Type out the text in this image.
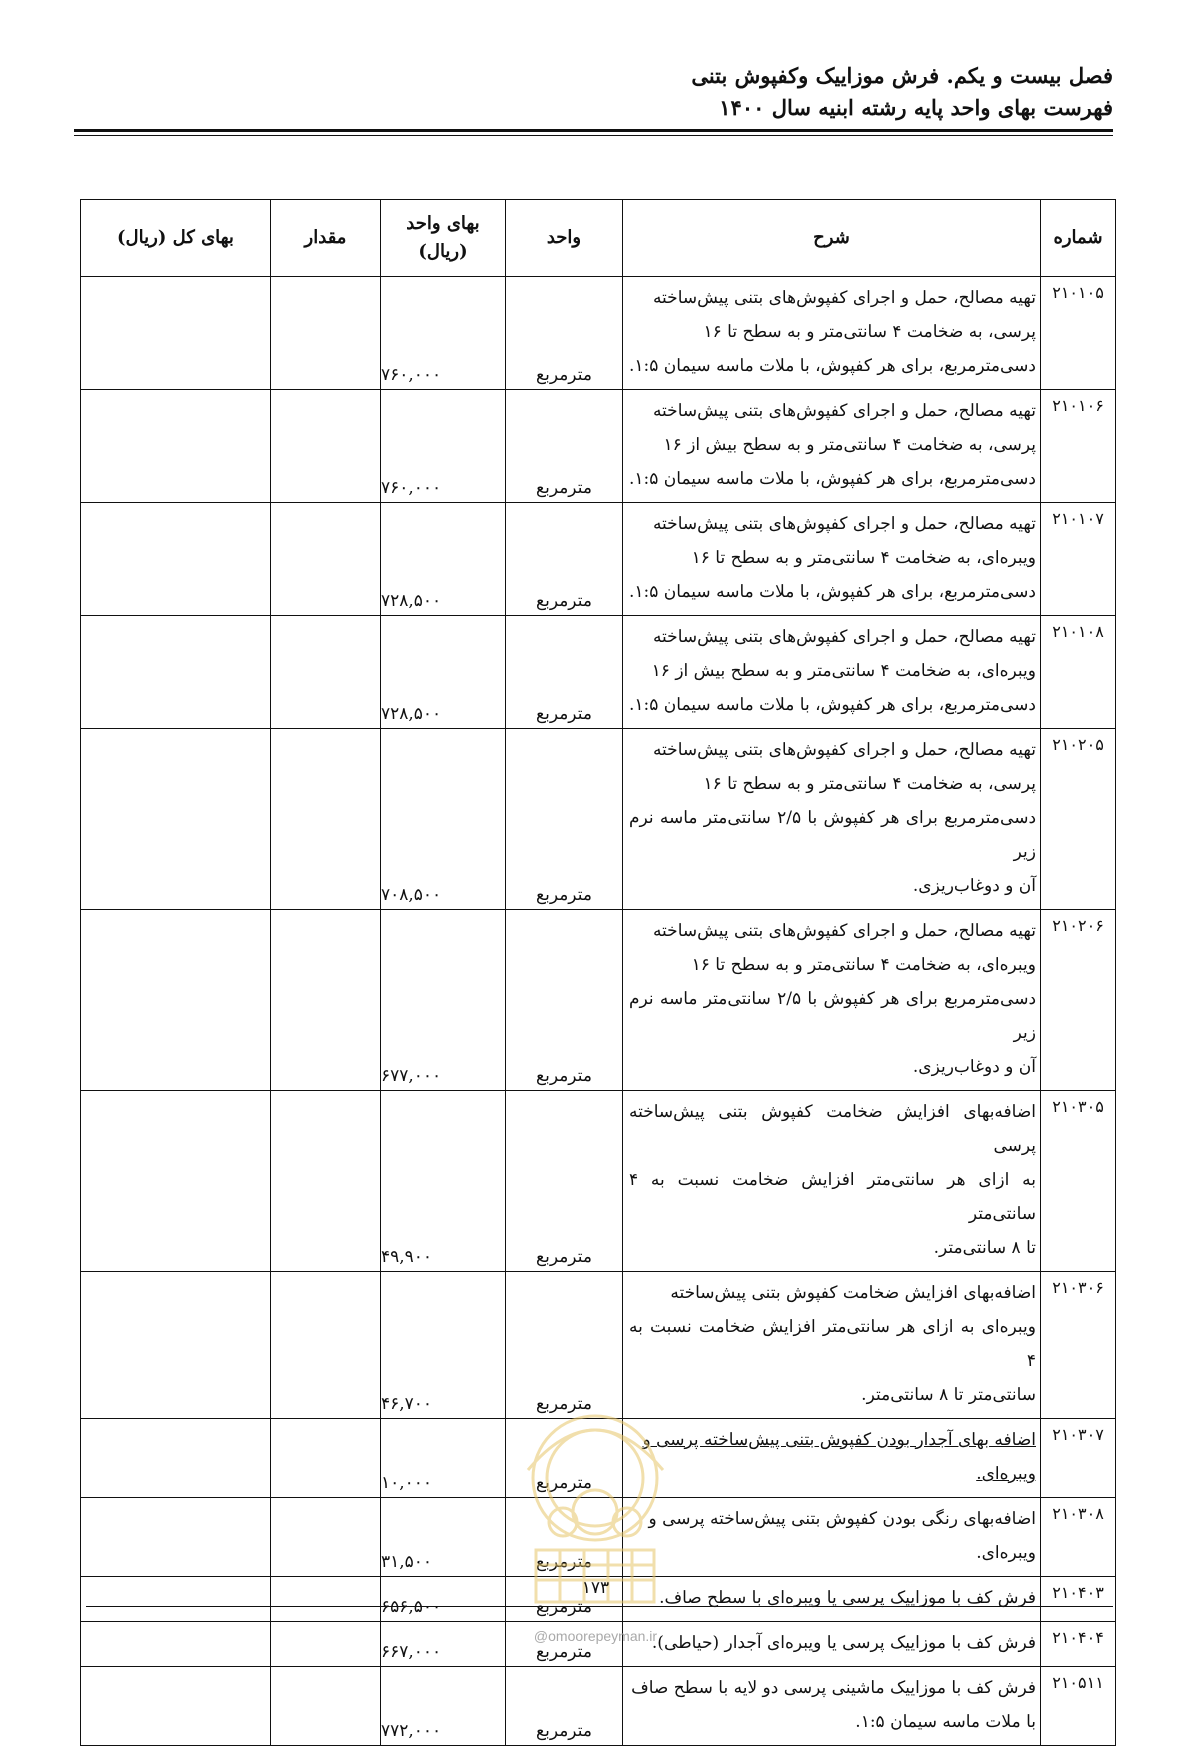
فصل بیست و یکم. فرش موزاییک وکفپوش بتنی
فهرست بهای واحد پایه رشته ابنیه سال ۱۴۰۰
شماره	شرح	واحد	بهای واحد (ریال)	مقدار	بهای کل (ریال)
۲۱۰۱۰۵	تهیه مصالح، حمل و اجرای کفپوش‌های بتنی پیش‌ساخته
پرسی، به ضخامت ۴ سانتی‌متر و به سطح تا ۱۶
دسی‌مترمربع، برای هر کفپوش، با ملات ماسه سیمان ۱:۵.	مترمربع	۷۶۰,۰۰۰		
۲۱۰۱۰۶	تهیه مصالح، حمل و اجرای کفپوش‌های بتنی پیش‌ساخته
پرسی، به ضخامت ۴ سانتی‌متر و به سطح بیش از ۱۶
دسی‌مترمربع، برای هر کفپوش، با ملات ماسه سیمان ۱:۵.	مترمربع	۷۶۰,۰۰۰		
۲۱۰۱۰۷	تهیه مصالح، حمل و اجرای کفپوش‌های بتنی پیش‌ساخته
ویبره‌ای، به ضخامت ۴ سانتی‌متر و به سطح تا ۱۶
دسی‌مترمربع، برای هر کفپوش، با ملات ماسه سیمان ۱:۵.	مترمربع	۷۲۸,۵۰۰		
۲۱۰۱۰۸	تهیه مصالح، حمل و اجرای کفپوش‌های بتنی پیش‌ساخته
ویبره‌ای، به ضخامت ۴ سانتی‌متر و به سطح بیش از ۱۶
دسی‌مترمربع، برای هر کفپوش، با ملات ماسه سیمان ۱:۵.	مترمربع	۷۲۸,۵۰۰		
۲۱۰۲۰۵	تهیه مصالح، حمل و اجرای کفپوش‌های بتنی پیش‌ساخته
پرسی، به ضخامت ۴ سانتی‌متر و به سطح تا ۱۶
دسی‌مترمربع برای هر کفپوش با ۲/۵ سانتی‌متر ماسه نرم زیر
آن و دوغاب‌ریزی.	مترمربع	۷۰۸,۵۰۰		
۲۱۰۲۰۶	تهیه مصالح، حمل و اجرای کفپوش‌های بتنی پیش‌ساخته
ویبره‌ای، به ضخامت ۴ سانتی‌متر و به سطح تا ۱۶
دسی‌مترمربع برای هر کفپوش با ۲/۵ سانتی‌متر ماسه نرم زیر
آن و دوغاب‌ریزی.	مترمربع	۶۷۷,۰۰۰		
۲۱۰۳۰۵	اضافه‌بهای افزایش ضخامت کفپوش بتنی پیش‌ساخته پرسی
به ازای هر سانتی‌متر افزایش ضخامت نسبت به ۴ سانتی‌متر
تا ۸ سانتی‌متر.	مترمربع	۴۹,۹۰۰		
۲۱۰۳۰۶	اضافه‌بهای افزایش ضخامت کفپوش بتنی پیش‌ساخته
ویبره‌ای به ازای هر سانتی‌متر افزایش ضخامت نسبت به ۴
سانتی‌متر تا ۸ سانتی‌متر.	مترمربع	۴۶,۷۰۰		
۲۱۰۳۰۷	اضافه بهای آجدار بودن کفپوش بتنی پیش‌ساخته پرسی و
ویبره‌ای.	مترمربع	۱۰,۰۰۰		
۲۱۰۳۰۸	اضافه‌بهای رنگی بودن کفپوش بتنی پیش‌ساخته پرسی و
ویبره‌ای.	مترمربع	۳۱,۵۰۰		
۲۱۰۴۰۳	فرش کف با موزاییک پرسی یا ویبره‌ای با سطح صاف.	مترمربع	۶۵۶,۵۰۰		
۲۱۰۴۰۴	فرش کف با موزاییک پرسی یا ویبره‌ای آجدار (حیاطی).	مترمربع	۶۶۷,۰۰۰		
۲۱۰۵۱۱	فرش کف با موزاییک ماشینی پرسی دو لایه با سطح صاف
با ملات ماسه سیمان ۱:۵.	مترمربع	۷۷۲,۰۰۰		
۱۷۳
@omoorepeyman.ir
